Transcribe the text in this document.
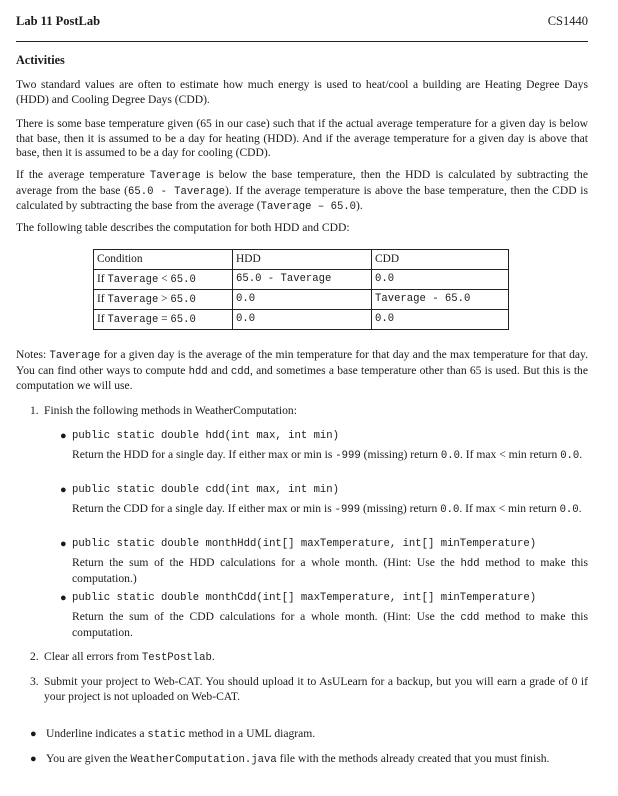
Lab 11 PostLab	CS1440
Activities
Two standard values are often to estimate how much energy is used to heat/cool a building are Heating Degree Days (HDD) and Cooling Degree Days (CDD).
There is some base temperature given (65 in our case) such that if the actual average temperature for a given day is below that base, then it is assumed to be a day for heating (HDD). And if the average temperature for a given day is above that base, then it is assumed to be a day for cooling (CDD).
If the average temperature Taverage is below the base temperature, then the HDD is calculated by subtracting the average from the base (65.0 - Taverage). If the average temperature is above the base temperature, then the CDD is calculated by subtracting the base from the average (Taverage – 65.0).
The following table describes the computation for both HDD and CDD:
Condition	HDD	CDD
If Taverage < 65.0	65.0 - Taverage	0.0
If Taverage > 65.0	0.0	Taverage - 65.0
If Taverage = 65.0	0.0	0.0
Notes: Taverage for a given day is the average of the min temperature for that day and the max temperature for that day. You can find other ways to compute hdd and cdd, and sometimes a base temperature other than 65 is used. But this is the computation we will use.
1. Finish the following methods in WeatherComputation:
● public static double hdd(int max, int min)
Return the HDD for a single day. If either max or min is -999 (missing) return 0.0. If max < min return 0.0.
● public static double cdd(int max, int min)
Return the CDD for a single day. If either max or min is -999 (missing) return 0.0. If max < min return 0.0.
● public static double monthHdd(int[] maxTemperature, int[] minTemperature)
Return the sum of the HDD calculations for a whole month. (Hint: Use the hdd method to make this computation.)
● public static double monthCdd(int[] maxTemperature, int[] minTemperature)
Return the sum of the CDD calculations for a whole month. (Hint: Use the cdd method to make this computation.
2. Clear all errors from TestPostlab.
3. Submit your project to Web-CAT. You should upload it to AsULearn for a backup, but you will earn a grade of 0 if your project is not uploaded on Web-CAT.
● Underline indicates a static method in a UML diagram.
● You are given the WeatherComputation.java file with the methods already created that you must finish.
